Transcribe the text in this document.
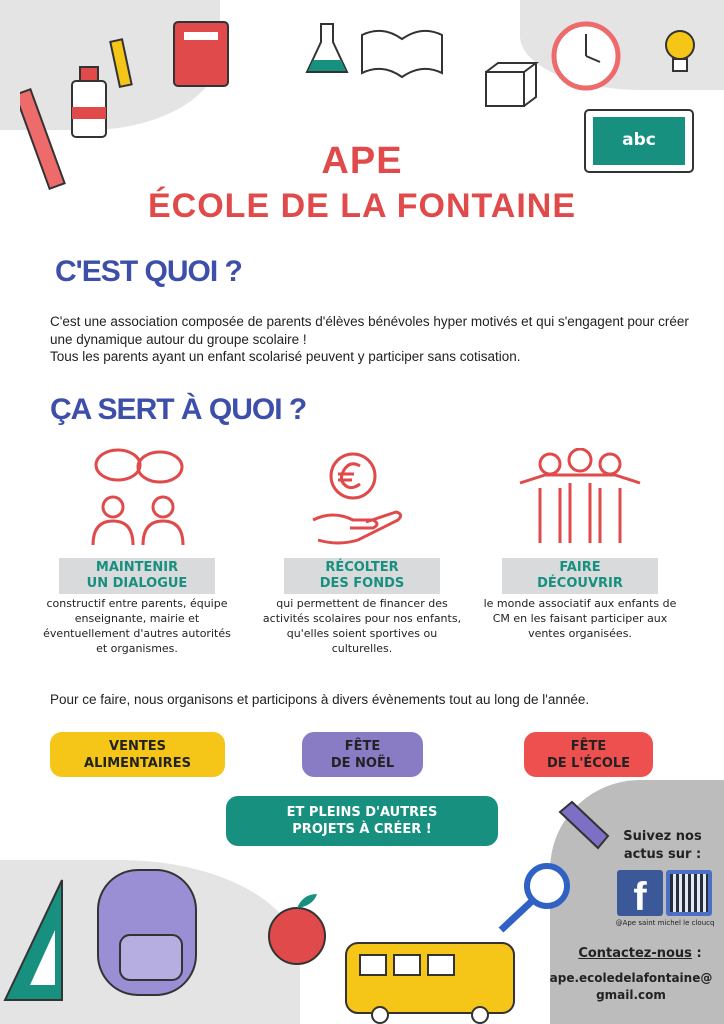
abc
APE
ÉCOLE DE LA FONTAINE
C'EST QUOI ?

C'est une association composée de parents d'élèves bénévoles hyper motivés et qui s'engagent pour créer une dynamique autour du groupe scolaire !

Tous les parents ayant un enfant scolarisé peuvent y participer sans cotisation.

ÇA SERT À QUOI ?
MAINTENIR
UN DIALOGUE
constructif entre parents, équipe enseignante, mairie et éventuellement d'autres autorités et organismes.
RÉCOLTER
DES FONDS
qui permettent de financer des activités scolaires pour nos enfants, qu'elles soient sportives ou culturelles.
FAIRE
DÉCOUVRIR
le monde associatif aux enfants de CM en les faisant participer aux ventes organisées.

Pour ce faire, nous organisons et participons à divers évènements tout au long de l'année.

VENTES
ALIMENTAIRES
FÊTE
DE NOËL
FÊTE
DE L'ÉCOLE
ET PLEINS D'AUTRES
PROJETS À CRÉER !	Suivez nos
actus sur :
f
@Ape saint michel le cloucq
Contactez-nous :
ape.ecoledelafontaine@
gmail.com
